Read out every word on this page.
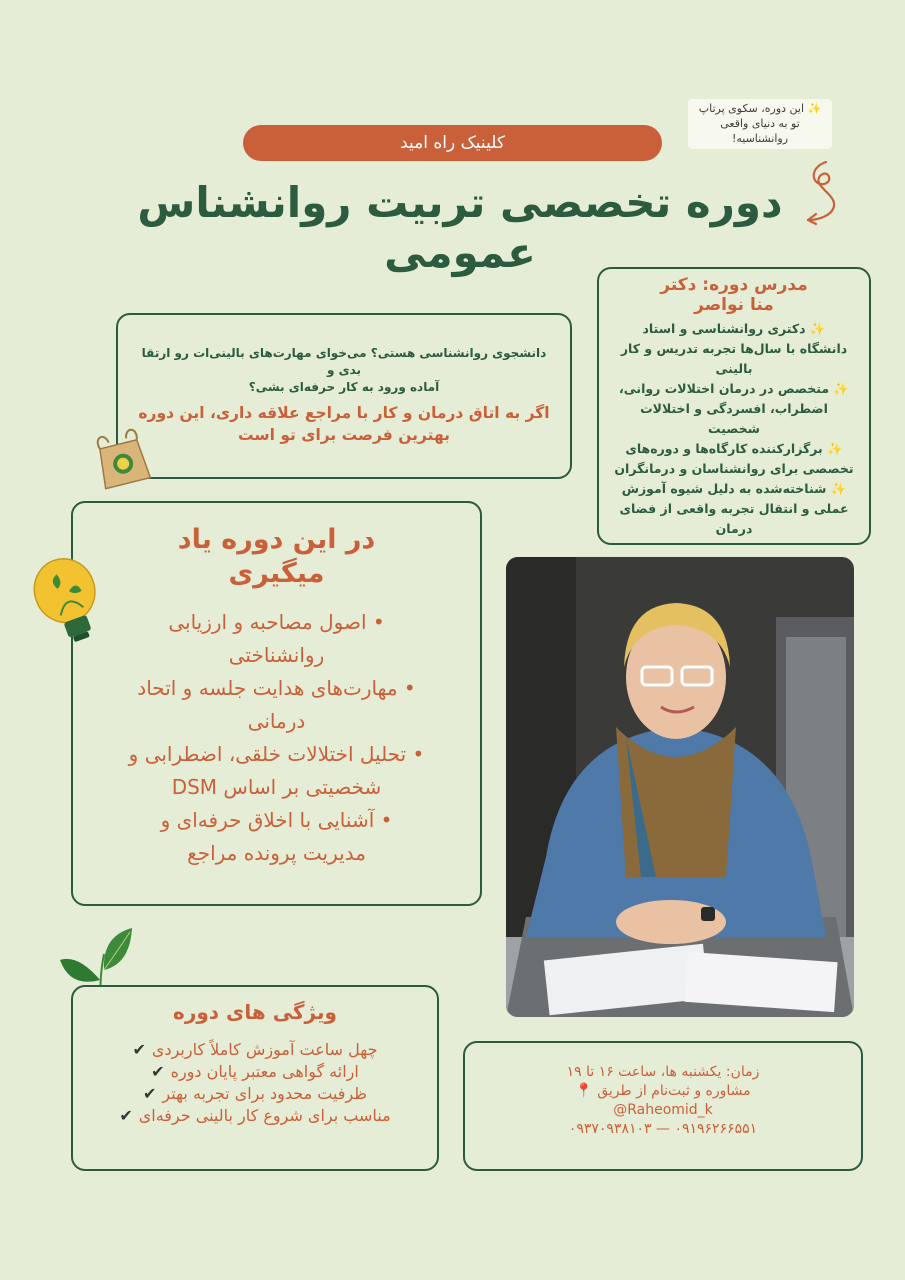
✨ این دوره، سکوی پرتاپ
تو به دنیای واقعی
روانشناسیه!
کلینیک راه امید
دوره تخصصی تربیت روانشناس
عمومی
مدرس دوره: دکتر
منا نواصر
✨ دکتری روانشناسی و استاد
دانشگاه با سال‌ها تجربه تدریس و کار
بالینی
✨ متخصص در درمان اختلالات روانی،
اضطراب، افسردگی و اختلالات
شخصیت
✨ برگزارکننده کارگاه‌ها و دوره‌های
تخصصی برای روانشناسان و درمانگران
✨ شناخته‌شده به دلیل شیوه آموزش
عملی و انتقال تجربه واقعی از فضای
درمان
دانشجوی روانشناسی هستی؟ می‌خوای مهارت‌های بالینی‌ات رو ارتقا بدی و
آماده ورود به کار حرفه‌ای بشی؟
اگر به اتاق درمان و کار با مراجع علاقه داری، این دوره
بهترین فرصت برای تو است
در این دوره یاد
میگیری
• اصول مصاحبه و ارزیابی
روانشناختی
• مهارت‌های هدایت جلسه و اتحاد
درمانی
• تحلیل اختلالات خلقی، اضطرابی و
شخصیتی بر اساس DSM
• آشنایی با اخلاق حرفه‌ای و
مدیریت پرونده مراجع
ویژگی های دوره
چهل ساعت آموزش کاملاً کاربردی✔
ارائه گواهی معتبر پایان دوره✔
ظرفیت محدود برای تجربه بهتر✔
مناسب برای شروع کار بالینی حرفه‌ای✔
زمان: یکشنبه ها، ساعت ۱۶ تا ۱۹
مشاوره و ثبت‌نام از طریق 📍
@Raheomid_k
۰۹۱۹۶۲۶۶۵۵۱ — ۰۹۳۷۰۹۳۸۱۰۳
